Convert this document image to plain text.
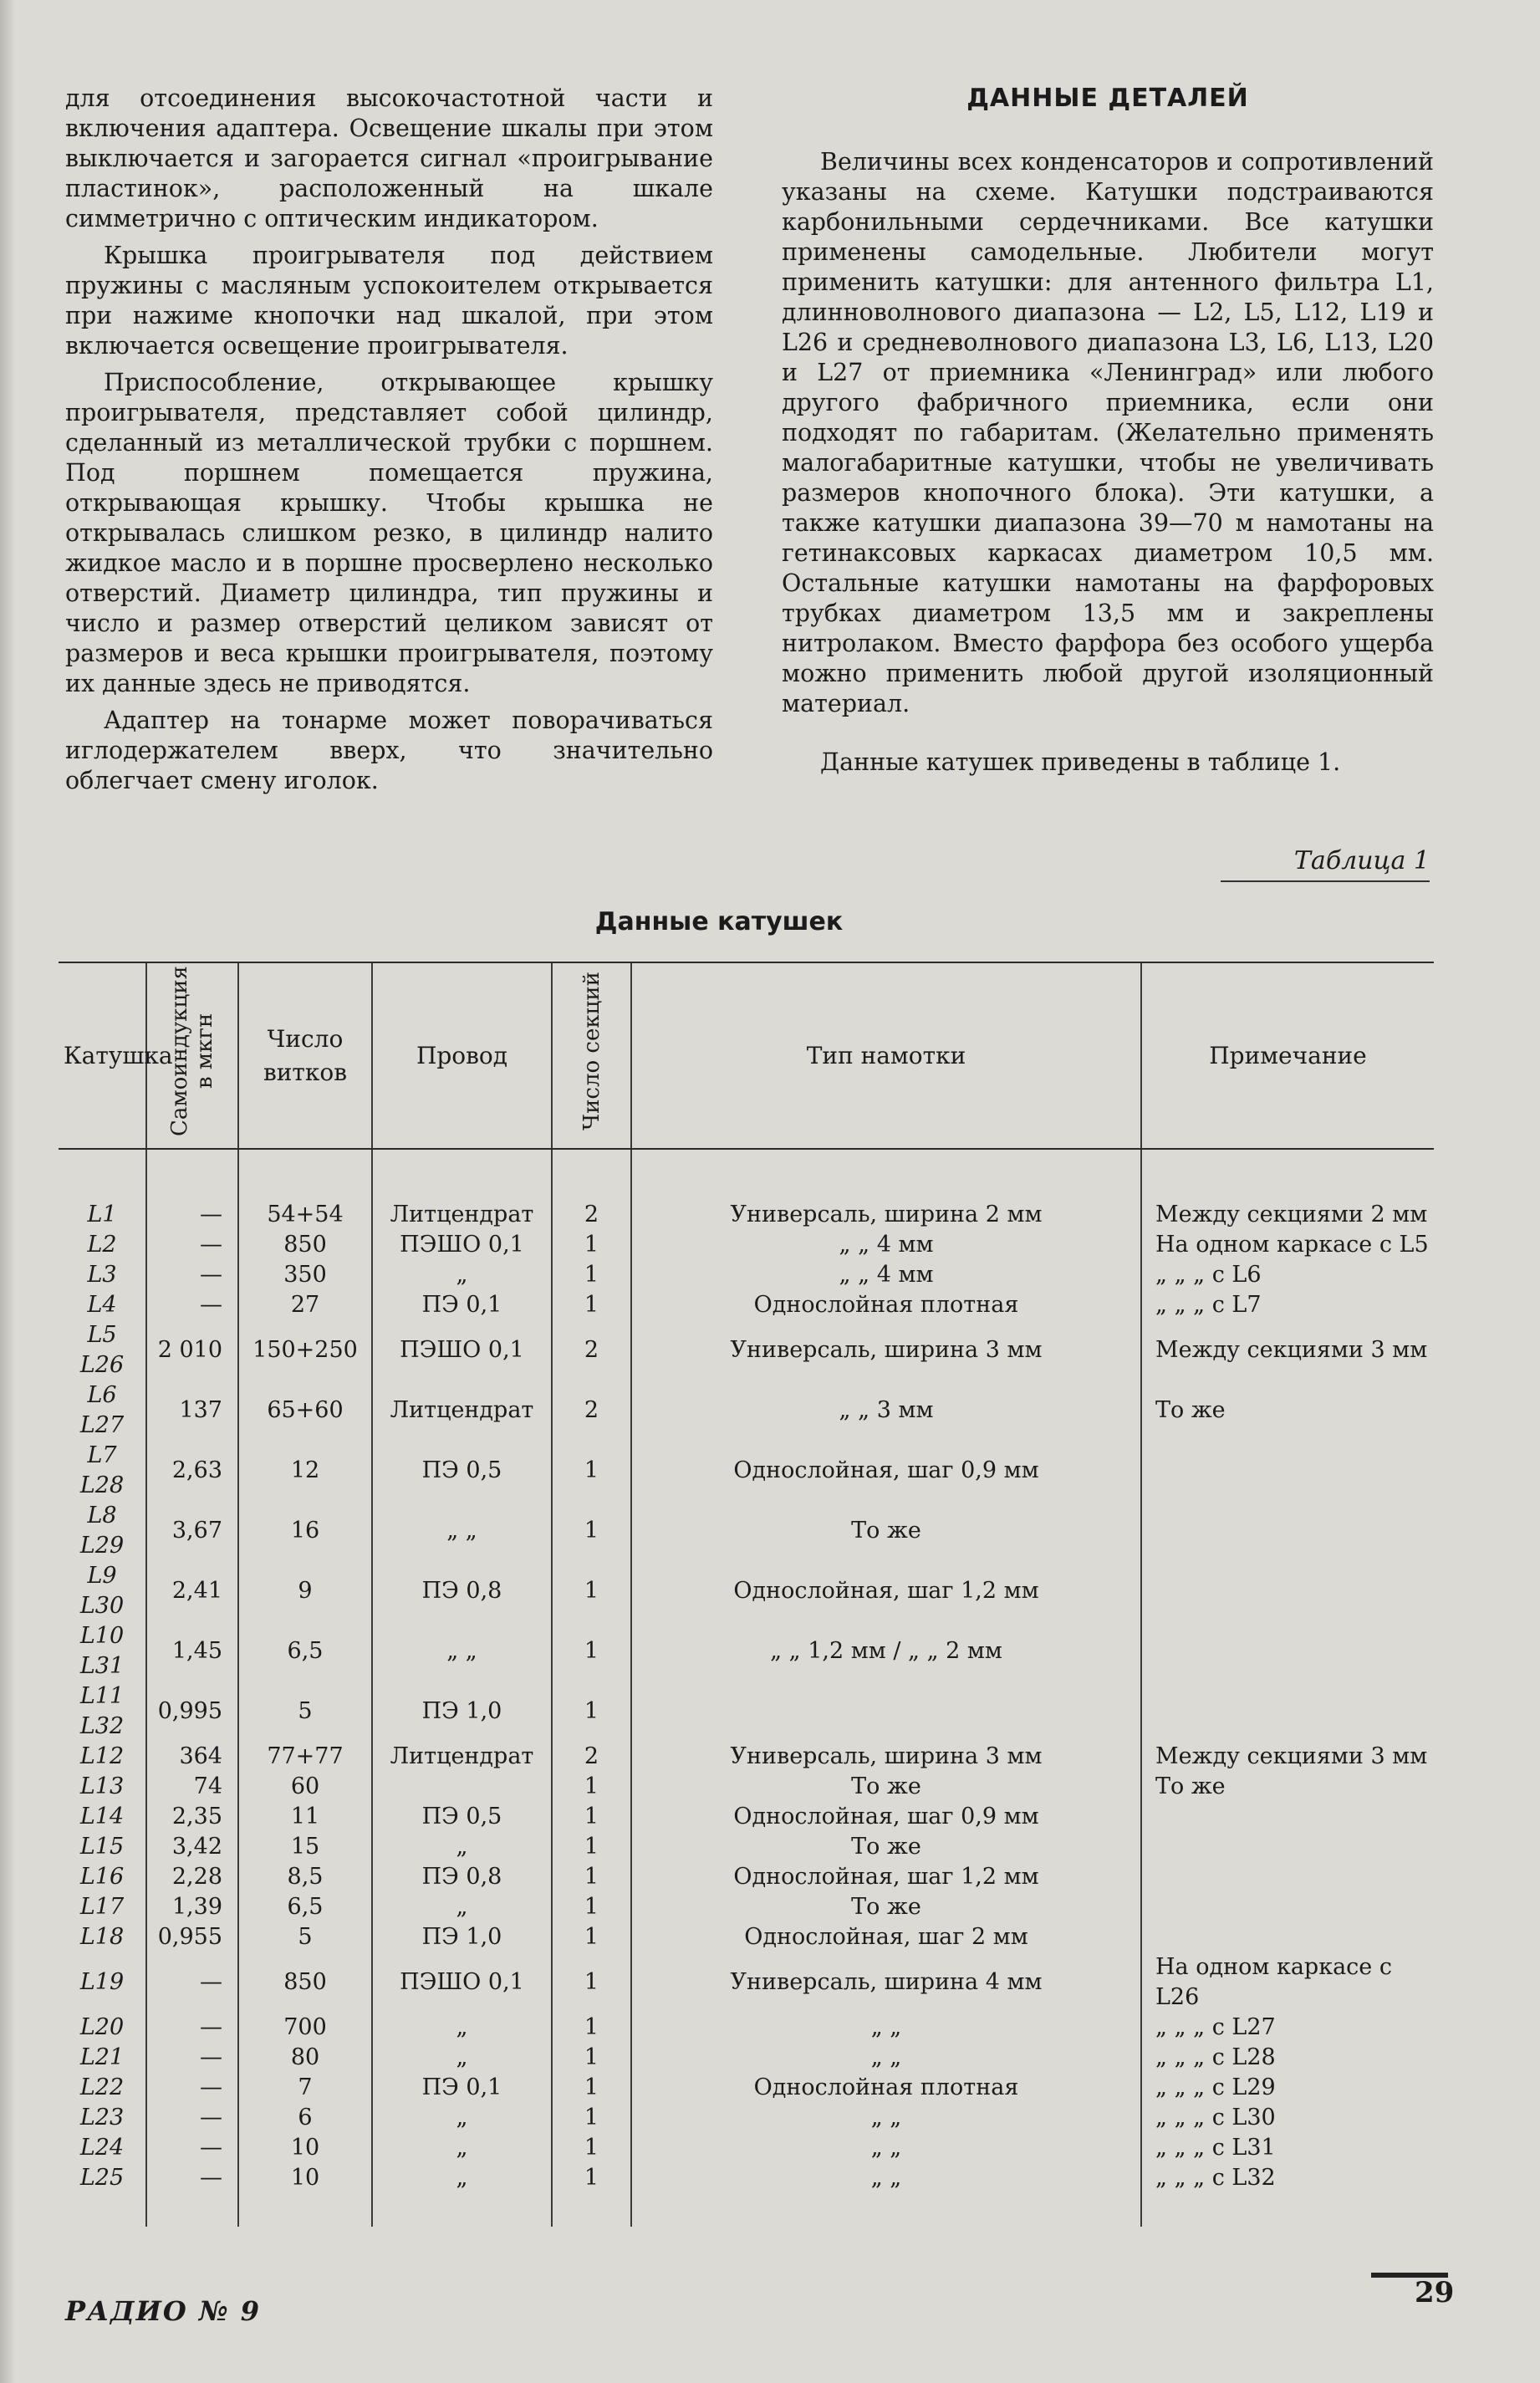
для отсоединения высокочастотной части и включения адаптера. Освещение шкалы при этом выключается и загорается сигнал «проигрывание пластинок», расположенный на шкале симметрично с оптическим индикатором.

Крышка проигрывателя под действием пружины с масляным успокоителем открывается при нажиме кнопочки над шкалой, при этом включается освещение проигрывателя.

Приспособление, открывающее крышку проигрывателя, представляет собой цилиндр, сделанный из металлической трубки с поршнем. Под поршнем помещается пружина, открывающая крышку. Чтобы крышка не открывалась слишком резко, в цилиндр налито жидкое масло и в поршне просверлено несколько отверстий. Диаметр цилиндра, тип пружины и число и размер отверстий целиком зависят от размеров и веса крышки проигрывателя, поэтому их данные здесь не приводятся.

Адаптер на тонарме может поворачиваться иглодержателем вверх, что значительно облегчает смену иголок.

ДАННЫЕ ДЕТАЛЕЙ

Величины всех конденсаторов и сопротивлений указаны на схеме. Катушки подстраиваются карбонильными сердечниками. Все катушки применены самодельные. Любители могут применить катушки: для антенного фильтра L1, длинноволнового диапазона — L2, L5, L12, L19 и L26 и средневолнового диапазона L3, L6, L13, L20 и L27 от приемника «Ленинград» или любого другого фабричного приемника, если они подходят по габаритам. (Желательно применять малогабаритные катушки, чтобы не увеличивать размеров кнопочного блока). Эти катушки, а также катушки диапазона 39—70 м намотаны на гетинаксовых каркасах диаметром 10,5 мм. Остальные катушки намотаны на фарфоровых трубках диаметром 13,5 мм и закреплены нитролаком. Вместо фарфора без особого ущерба можно применить любой другой изоляционный материал.

Данные катушек приведены в таблице 1.

Таблица 1
Данные катушек
Катушка	Самоиндукция в мкгн	Число витков	Провод	Число секций	Тип намотки	Примечание
L1	—	54+54	Литцендрат	2	Универсаль, ширина 2 мм	Между секциями 2 мм
L2	—	850	ПЭШО 0,1	1	„ „ 4 мм	На одном каркасе с L5
L3	—	350	„	1	„ „ 4 мм	„ „ „ с L6
L4	—	27	ПЭ 0,1	1	Однослойная плотная	„ „ „ с L7
L5 L26	2 010	150+250	ПЭШО 0,1	2	Универсаль, ширина 3 мм	Между секциями 3 мм
L6 L27	137	65+60	Литцендрат	2	„ „ 3 мм	То же
L7 L28	2,63	12	ПЭ 0,5	1	Однослойная, шаг 0,9 мм	
L8 L29	3,67	16	„ „	1	То же	
L9 L30	2,41	9	ПЭ 0,8	1	Однослойная, шаг 1,2 мм	
L10 L31	1,45	6,5	„ „	1	„ „ 1,2 мм / „ „ 2 мм	
L11 L32	0,995	5	ПЭ 1,0	1		
L12	364	77+77	Литцендрат	2	Универсаль, ширина 3 мм	Между секциями 3 мм
L13	74	60		1	То же	То же
L14	2,35	11	ПЭ 0,5	1	Однослойная, шаг 0,9 мм	
L15	3,42	15	„	1	То же	
L16	2,28	8,5	ПЭ 0,8	1	Однослойная, шаг 1,2 мм	
L17	1,39	6,5	„	1	То же	
L18	0,955	5	ПЭ 1,0	1	Однослойная, шаг 2 мм	
L19	—	850	ПЭШО 0,1	1	Универсаль, ширина 4 мм	На одном каркасе с L26
L20	—	700	„	1	„ „	„ „ „ с L27
L21	—	80	„	1	„ „	„ „ „ с L28
L22	—	7	ПЭ 0,1	1	Однослойная плотная	„ „ „ с L29
L23	—	6	„	1	„ „	„ „ „ с L30
L24	—	10	„	1	„ „	„ „ „ с L31
L25	—	10	„	1	„ „	„ „ „ с L32
РАДИО № 9
29
